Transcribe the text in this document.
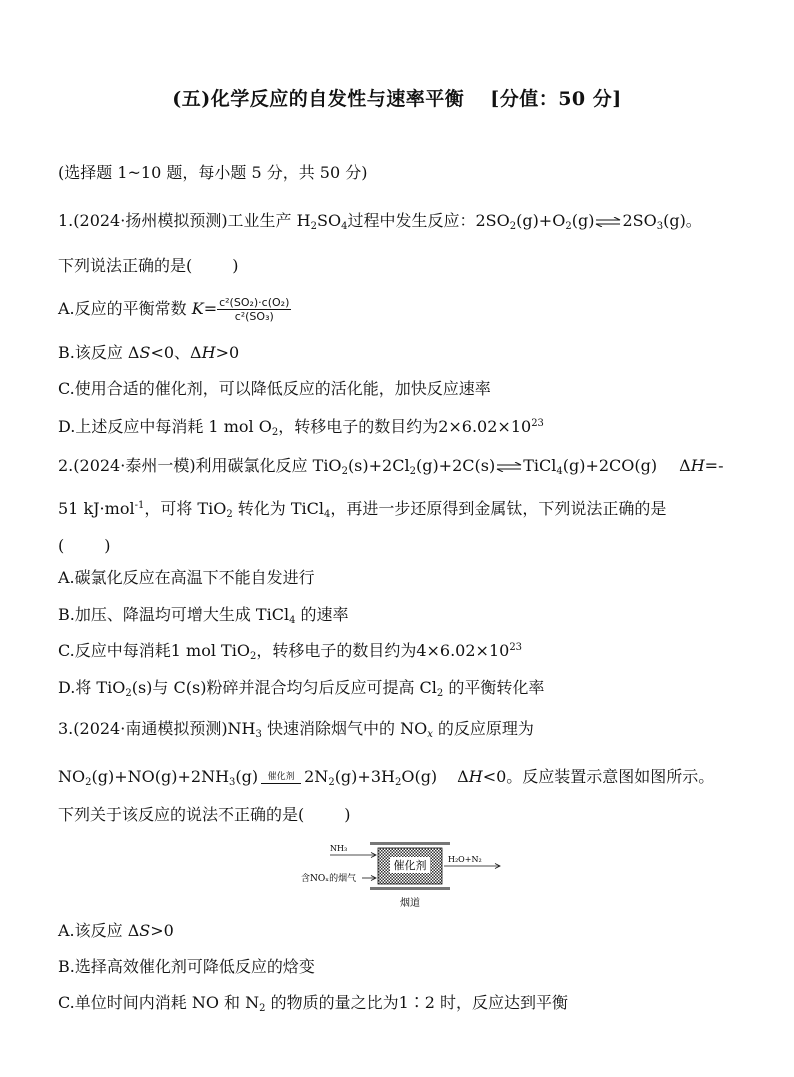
(五)化学反应的自发性与速率平衡 [分值：50 分]
(选择题 1~10 题，每小题 5 分，共 50 分)
1.(2024·扬州模拟预测)工业生产 $H_2SO_4$过程中发生反应：$2SO_2(g)+O_2(g)\rightleftharpoons 2SO_3(g)$。
下列说法正确的是(	)
A.反应的平衡常数 $K= \frac{\text{c²(SO₂)·c(O₂)}}{\text{c²(SO₃)}}$
B.该反应 ΔS<0、ΔH>0
C.使用合适的催化剂，可以降低反应的活化能，加快反应速率
D.上述反应中每消耗 1 mol $O_2$，转移电子的数目约为$2\times 6.02\times 10^{23}$
2.(2024·泰州一模)利用碳氯化反应 $TiO_2(s)+2Cl_2(g)+2C(s)\rightleftharpoons TiCl_4(g)+2CO(g)$ ΔH=-
51 kJ·mol$^{-1}$，可将 TiO$_2$ 转化为 TiCl$_4$，再进一步还原得到金属钛，下列说法正确的是
(	)
A.碳氯化反应在高温下不能自发进行
B.加压、降温均可增大生成 TiCl$_4$ 的速率
C.反应中每消耗1 mol TiO$_2$，转移电子的数目约为$4\times 6.02\times 10^{23}$
D.将 TiO$_2$(s)与 C(s)粉碎并混合均匀后反应可提高 $Cl_2$ 的平衡转化率
3.(2024·南通模拟预测)$NH_3$ 快速消除烟气中的 $NO_x$ 的反应原理为
$NO_2(g)+NO(g)+2NH_3(g)$ 催化剂 $2N_2(g)+3H_2O(g)$ ΔH<0。反应装置示意图如图所示。
下列关于该反应的说法不正确的是(	)
催化剂
NH₃
含NOₓ的烟气
H₂O+N₂
烟道
A.该反应 ΔS>0
B.选择高效催化剂可降低反应的焓变
C.单位时间内消耗 NO 和 $N_2$ 的物质的量之比为1∶2 时，反应达到平衡
